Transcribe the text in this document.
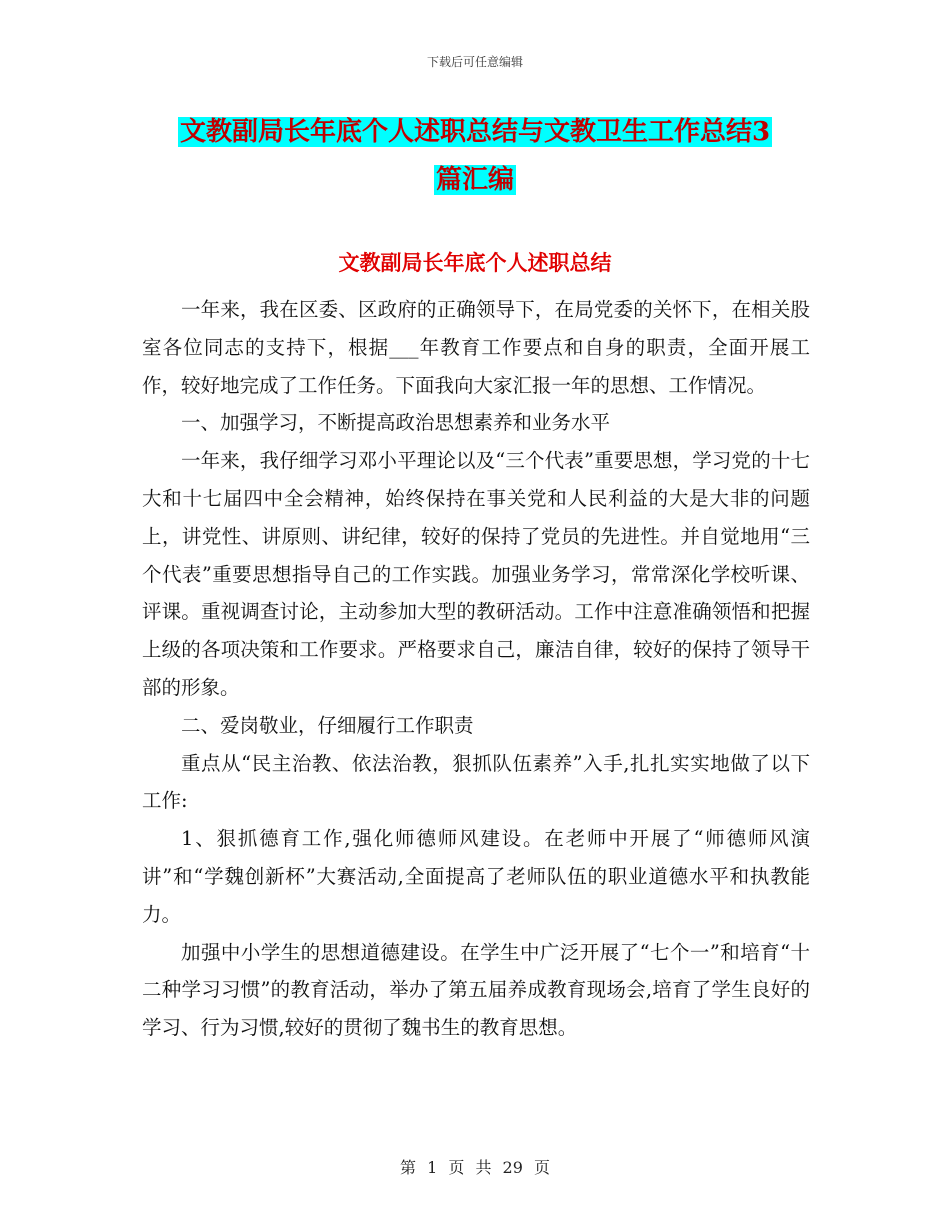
下载后可任意编辑
文教副局长年底个人述职总结与文教卫生工作总结3
篇汇编
文教副局长年底个人述职总结

一年来，我在区委、区政府的正确领导下，在局党委的关怀下，在相关股室各位同志的支持下，根据___年教育工作要点和自身的职责，全面开展工作，较好地完成了工作任务。下面我向大家汇报一年的思想、工作情况。

一、加强学习，不断提高政治思想素养和业务水平

一年来，我仔细学习邓小平理论以及“三个代表”重要思想，学习党的十七大和十七届四中全会精神，始终保持在事关党和人民利益的大是大非的问题上，讲党性、讲原则、讲纪律，较好的保持了党员的先进性。并自觉地用“三个代表”重要思想指导自己的工作实践。加强业务学习，常常深化学校听课、评课。重视调查讨论，主动参加大型的教研活动。工作中注意准确领悟和把握上级的各项决策和工作要求。严格要求自己，廉洁自律，较好的保持了领导干部的形象。

二、爱岗敬业，仔细履行工作职责

重点从“民主治教、依法治教，狠抓队伍素养”入手,扎扎实实地做了以下工作:

1、狠抓德育工作,强化师德师风建设。在老师中开展了“师德师风演讲”和“学魏创新杯”大赛活动,全面提高了老师队伍的职业道德水平和执教能力。

加强中小学生的思想道德建设。在学生中广泛开展了“七个一”和培育“十二种学习习惯”的教育活动，举办了第五届养成教育现场会,培育了学生良好的学习、行为习惯,较好的贯彻了魏书生的教育思想。

第 1 页 共 29 页
